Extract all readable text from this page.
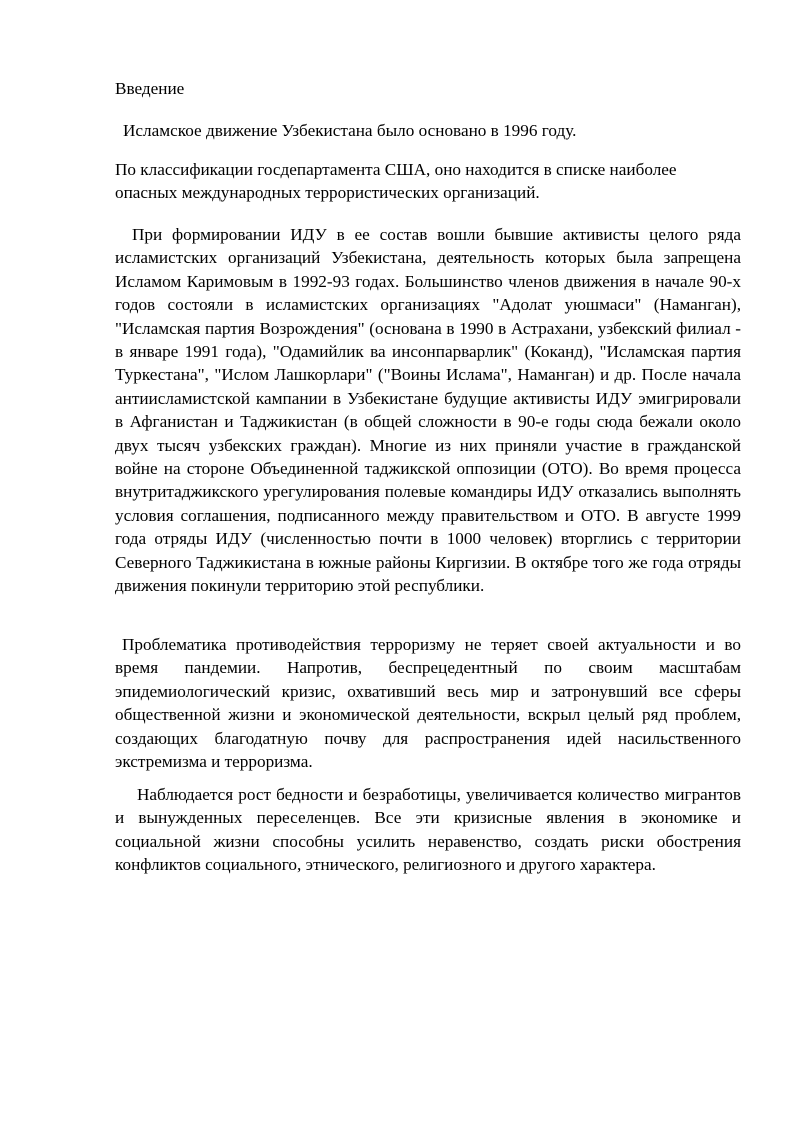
Введение

Исламское движение Узбекистана было основано в 1996 году.

По классификации госдепартамента США, оно находится в списке наиболее опасных международных террористических организаций.

При формировании ИДУ в ее состав вошли бывшие активисты целого ряда исламистских организаций Узбекистана, деятельность которых была запрещена Исламом Каримовым в 1992-93 годах. Большинство членов движения в начале 90-х годов состояли в исламистских организациях "Адолат уюшмаси" (Наманган), "Исламская партия Возрождения" (основана в 1990 в Астрахани, узбекский филиал - в январе 1991 года), "Одамийлик ва инсонпарварлик" (Коканд), "Исламская партия Туркестана", "Ислом Лашкорлари" ("Воины Ислама", Наманган) и др. После начала антиисламистской кампании в Узбекистане будущие активисты ИДУ эмигрировали в Афганистан и Таджикистан (в общей сложности в 90-е годы сюда бежали около двух тысяч узбекских граждан). Многие из них приняли участие в гражданской войне на стороне Объединенной таджикской оппозиции (ОТО). Во время процесса внутритаджикского урегулирования полевые командиры ИДУ отказались выполнять условия соглашения, подписанного между правительством и ОТО. В августе 1999 года отряды ИДУ (численностью почти в 1000 человек) вторглись с территории Северного Таджикистана в южные районы Киргизии. В октябре того же года отряды движения покинули территорию этой республики.

Проблематика противодействия терроризму не теряет своей актуальности и во время пандемии. Напротив, беспрецедентный по своим масштабам эпидемиологический кризис, охвативший весь мир и затронувший все сферы общественной жизни и экономической деятельности, вскрыл целый ряд проблем, создающих благодатную почву для распространения идей насильственного экстремизма и терроризма.

Наблюдается рост бедности и безработицы, увеличивается количество мигрантов и вынужденных переселенцев. Все эти кризисные явления в экономике и социальной жизни способны усилить неравенство, создать риски обострения конфликтов социального, этнического, религиозного и другого характера.
